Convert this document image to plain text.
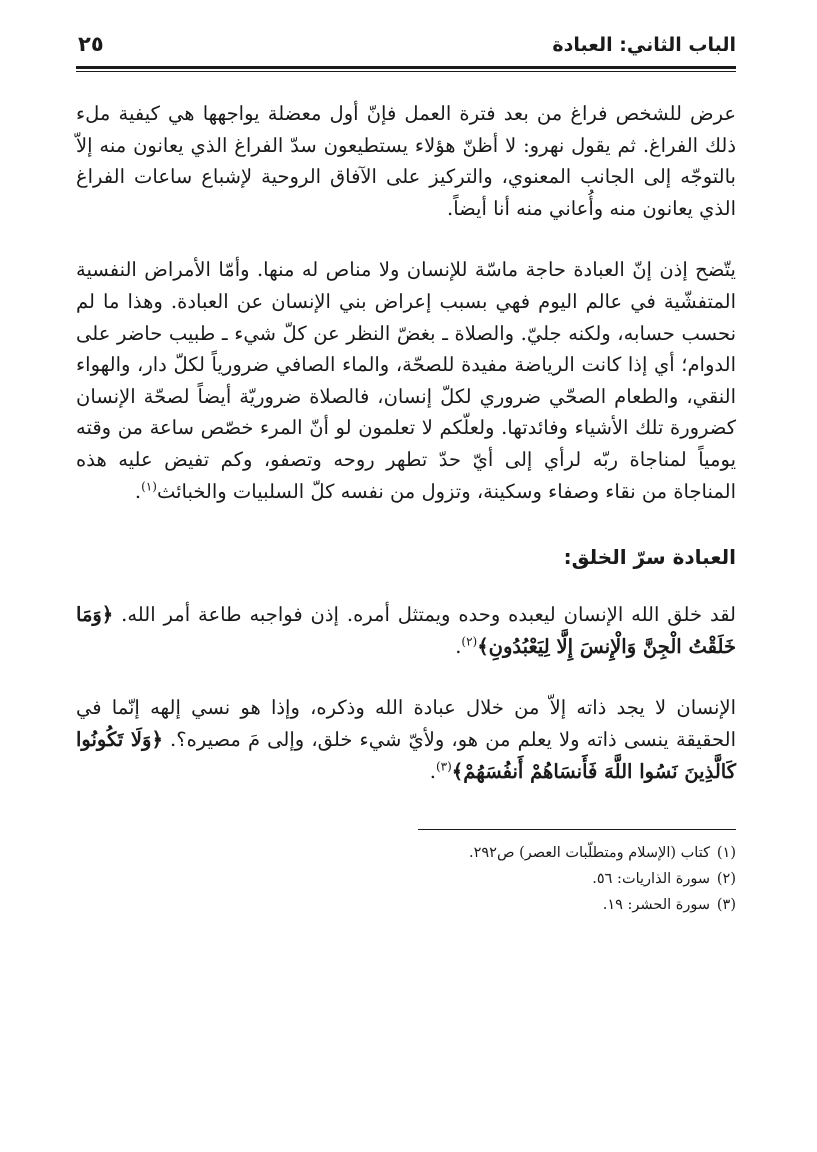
الباب الثاني: العبادة
٢٥

عرض للشخص فراغ من بعد فترة العمل فإنّ أول معضلة يواجهها هي كيفية ملء ذلك الفراغ. ثم يقول نهرو: لا أظنّ هؤلاء يستطيعون سدّ الفراغ الذي يعانون منه إلاّ بالتوجّه إلى الجانب المعنوي، والتركيز على الآفاق الروحية لإشباع ساعات الفراغ الذي يعانون منه وأُعاني منه أنا أيضاً.

يتّضح إذن إنّ العبادة حاجة ماسّة للإنسان ولا مناص له منها. وأمّا الأمراض النفسية المتفشّية في عالم اليوم فهي بسبب إعراض بني الإنسان عن العبادة. وهذا ما لم نحسب حسابه، ولكنه جليّ. والصلاة ـ بغضّ النظر عن كلّ شيء ـ طبيب حاضر على الدوام؛ أي إذا كانت الرياضة مفيدة للصحّة، والماء الصافي ضرورياً لكلّ دار، والهواء النقي، والطعام الصحّي ضروري لكلّ إنسان، فالصلاة ضروريّة أيضاً لصحّة الإنسان كضرورة تلك الأشياء وفائدتها. ولعلّكم لا تعلمون لو أنّ المرء خصّص ساعة من وقته يومياً لمناجاة ربّه لرأي إلى أيّ حدّ تطهر روحه وتصفو، وكم تفيض عليه هذه المناجاة من نقاء وصفاء وسكينة، وتزول من نفسه كلّ السلبيات والخبائث$^{(١)}$.

العبادة سرّ الخلق:

لقد خلق الله الإنسان ليعبده وحده ويمتثل أمره. إذن فواجبه طاعة أمر الله. ﴿وَمَا خَلَقْتُ الْجِنَّ وَالْإِنسَ إِلَّا لِيَعْبُدُونِ﴾$^{(٢)}$.

الإنسان لا يجد ذاته إلاّ من خلال عبادة الله وذكره، وإذا هو نسي إلهه إنّما في الحقيقة ينسى ذاته ولا يعلم من هو، ولأيّ شيء خلق، وإلى مَ مصيره؟. ﴿وَلَا تَكُونُوا كَالَّذِينَ نَسُوا اللَّهَ فَأَنسَاهُمْ أَنفُسَهُمْ﴾$^{(٣)}$.

(١)كتاب (الإسلام ومتطلّبات العصر) ص٢٩٢.
(٢)سورة الذاريات: ٥٦.
(٣)سورة الحشر: ١٩.
